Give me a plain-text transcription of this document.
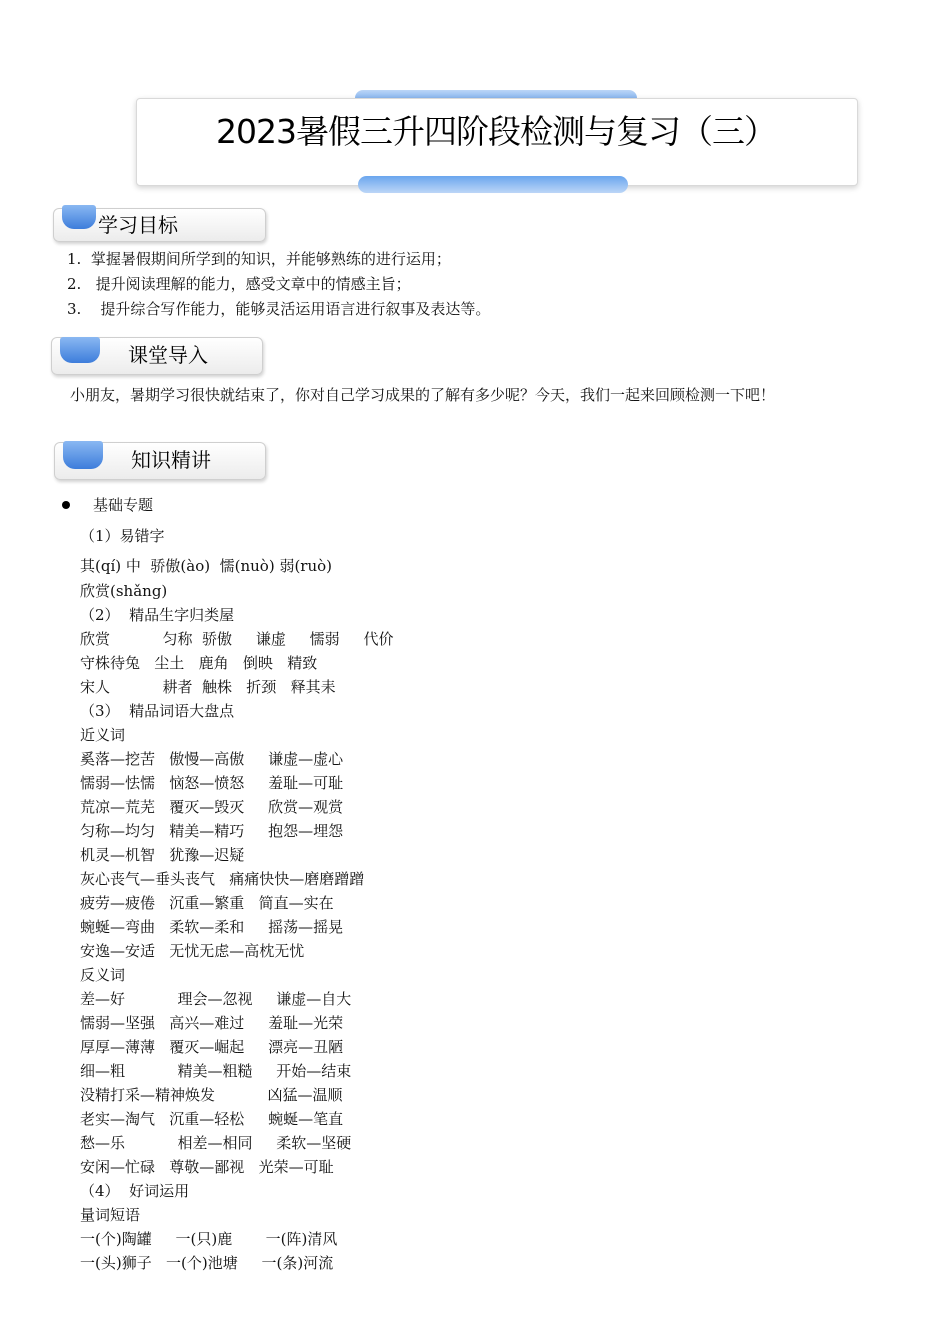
2023暑假三升四阶段检测与复习（三）
学习目标
1. 掌握暑假期间所学到的知识，并能够熟练的进行运用；
2. 提升阅读理解的能力，感受文章中的情感主旨；
3. 提升综合写作能力，能够灵活运用语言进行叙事及表达等。
课堂导入
小朋友，暑期学习很快就结束了，你对自己学习成果的了解有多少呢？今天，我们一起来回顾检测一下吧！
知识精讲
基础专题
（1）易错字
其(qí) 中  骄傲(ào)  懦(nuò) 弱(ruò)
欣赏(shǎng)
（2）  精品生字归类屋
欣赏           匀称  骄傲     谦虚     懦弱     代价
守株待兔   尘土   鹿角   倒映   精致
宋人           耕者  触株   折颈   释其耒
（3）  精品词语大盘点
近义词
奚落—挖苦   傲慢—高傲     谦虚—虚心
懦弱—怯懦   恼怒—愤怒     羞耻—可耻
荒凉—荒芜   覆灭—毁灭     欣赏—观赏
匀称—均匀   精美—精巧     抱怨—埋怨
机灵—机智   犹豫—迟疑
灰心丧气—垂头丧气   痛痛快快—磨磨蹭蹭
疲劳—疲倦   沉重—繁重   简直—实在
蜿蜒—弯曲   柔软—柔和     摇荡—摇晃
安逸—安适   无忧无虑—高枕无忧
反义词
差—好           理会—忽视     谦虚—自大
懦弱—坚强   高兴—难过     羞耻—光荣
厚厚—薄薄   覆灭—崛起     漂亮—丑陋
细—粗           精美—粗糙     开始—结束
没精打采—精神焕发           凶猛—温顺
老实—淘气   沉重—轻松     蜿蜒—笔直
愁—乐           相差—相同     柔软—坚硬
安闲—忙碌   尊敬—鄙视   光荣—可耻
（4）  好词运用
量词短语
一(个)陶罐     一(只)鹿       一(阵)清风
一(头)狮子   一(个)池塘     一(条)河流
